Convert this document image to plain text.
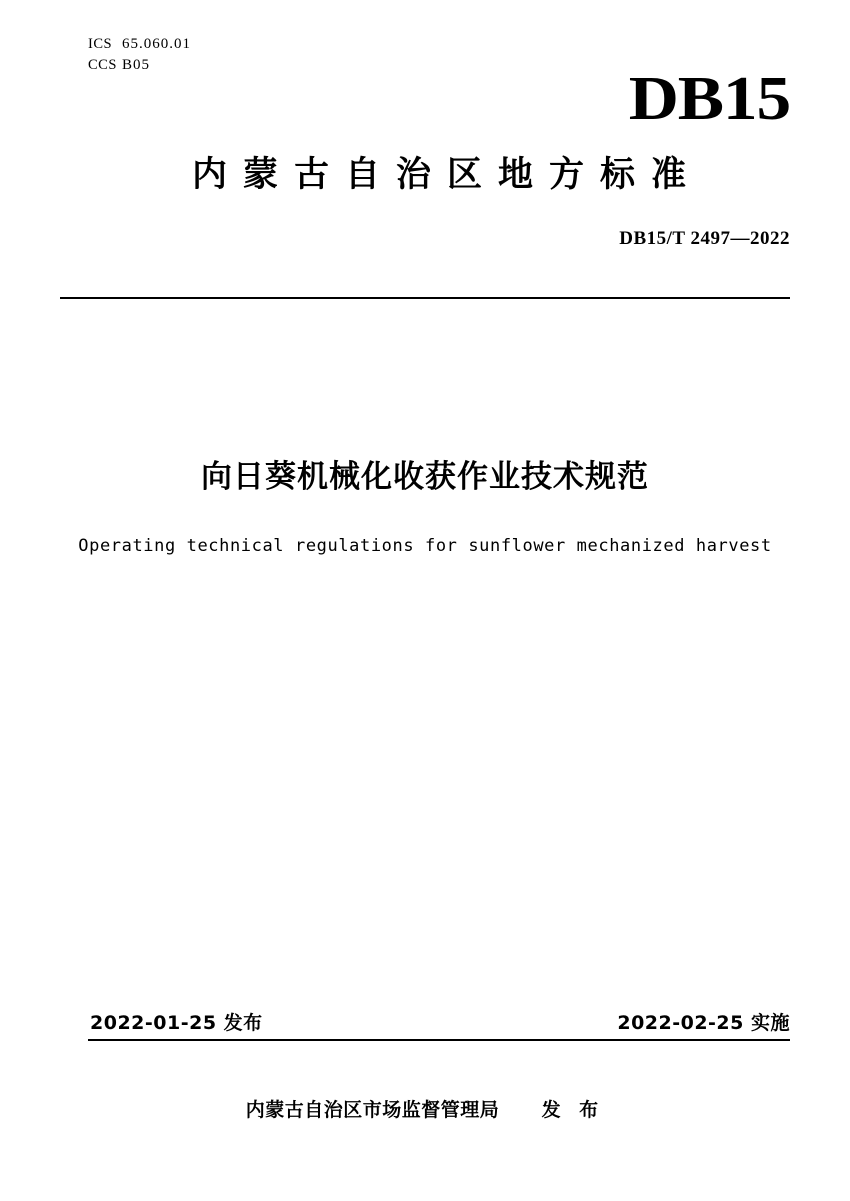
ICS 65.060.01
CCS B05	DB15
内蒙古自治区地方标准
DB15/T 2497—2022
向日葵机械化收获作业技术规范
Operating technical regulations for sunflower mechanized harvest
2022-01-25 发布	2022-02-25 实施
内蒙古自治区市场监督管理局 发 布
